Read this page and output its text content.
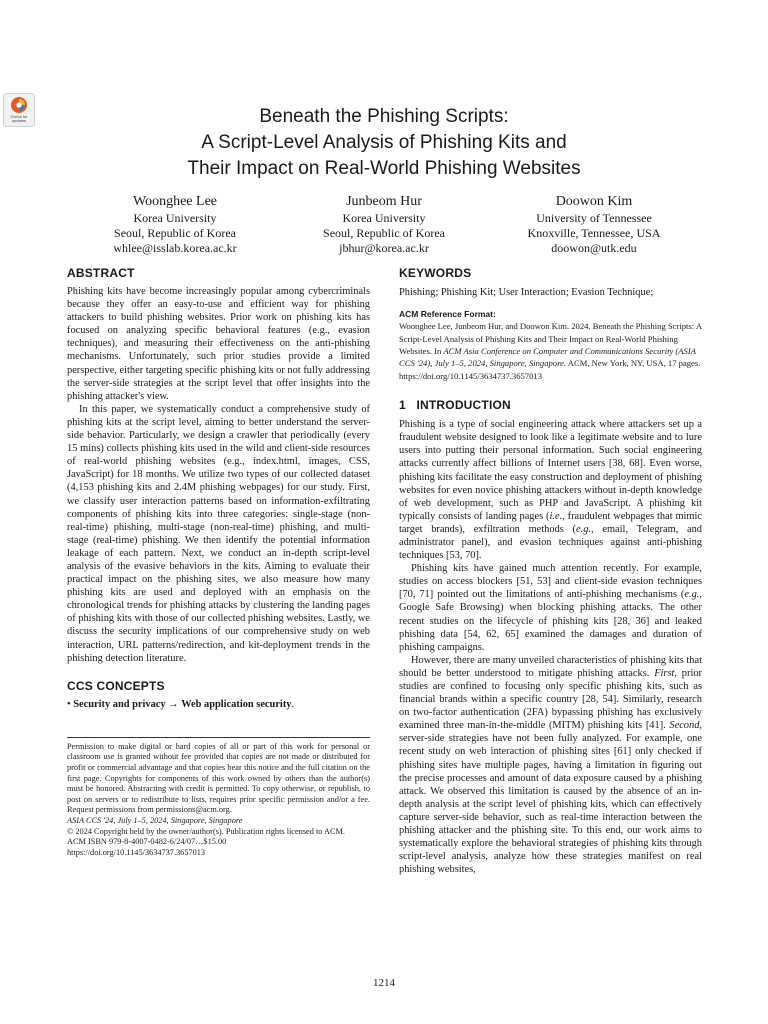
Check for updates	Beneath the Phishing Scripts:
A Script-Level Analysis of Phishing Kits and
Their Impact on Real-World Phishing Websites
Woonghee Lee
Korea University
Seoul, Republic of Korea
whlee@isslab.korea.ac.kr
Junbeom Hur
Korea University
Seoul, Republic of Korea
jbhur@korea.ac.kr
Doowon Kim
University of Tennessee
Knoxville, Tennessee, USA
doowon@utk.edu
ABSTRACT

Phishing kits have become increasingly popular among cybercriminals because they offer an easy-to-use and efficient way for phishing attackers to build phishing websites. Prior work on phishing kits has focused on analyzing specific behavioral features (e.g., evasion techniques), and measuring their effectiveness on the anti-phishing mechanisms. Unfortunately, such prior studies provide a limited perspective, either targeting specific phishing kits or not fully addressing the server-side strategies at the script level that offer insights into the phishing attacker's view.

In this paper, we systematically conduct a comprehensive study of phishing kits at the script level, aiming to better understand the server-side behavior. Particularly, we design a crawler that periodically (every 15 mins) collects phishing kits used in the wild and client-side resources of real-world phishing websites (e.g., index.html, images, CSS, JavaScript) for 18 months. We utilize two types of our collected dataset (4,153 phishing kits and 2.4M phishing webpages) for our study. First, we classify user interaction patterns based on information-exfiltrating components of phishing kits into three categories: single-stage (non-real-time) phishing, multi-stage (non-real-time) phishing, and multi-stage (real-time) phishing. We then identify the potential information leakage of each pattern. Next, we conduct an in-depth script-level analysis of the evasive behaviors in the kits. Aiming to evaluate their practical impact on the phishing sites, we also measure how many phishing kits are used and deployed with an emphasis on the chronological trends for phishing attacks by clustering the landing pages of phishing kits with those of our collected phishing websites. Lastly, we discuss the security implications of our comprehensive study on web interaction, URL patterns/redirection, and kit-deployment trends in the phishing detection literature.

CCS CONCEPTS

• Security and privacy → Web application security.

Permission to make digital or hard copies of all or part of this work for personal or classroom use is granted without fee provided that copies are not made or distributed for profit or commercial advantage and that copies bear this notice and the full citation on the first page. Copyrights for components of this work owned by others than the author(s) must be honored. Abstracting with credit is permitted. To copy otherwise, or republish, to post on servers or to redistribute to lists, requires prior specific permission and/or a fee. Request permissions from permissions@acm.org.

ASIA CCS '24, July 1–5, 2024, Singapore, Singapore

© 2024 Copyright held by the owner/author(s). Publication rights licensed to ACM.

ACM ISBN 979-8-4007-0482-6/24/07…$15.00

https://doi.org/10.1145/3634737.3657013

KEYWORDS

Phishing; Phishing Kit; User Interaction; Evasion Technique;

ACM Reference Format:

Woonghee Lee, Junbeom Hur, and Doowon Kim. 2024. Beneath the Phishing Scripts: A Script-Level Analysis of Phishing Kits and Their Impact on Real-World Phishing Websites. In ACM Asia Conference on Computer and Communications Security (ASIA CCS '24), July 1–5, 2024, Singapore, Singapore. ACM, New York, NY, USA, 17 pages. https://doi.org/10.1145/3634737.3657013

1 INTRODUCTION

Phishing is a type of social engineering attack where attackers set up a fraudulent website designed to look like a legitimate website and to lure users into putting their personal information. Such social engineering attacks currently affect billions of Internet users [38, 68]. Even worse, phishing kits facilitate the easy construction and deployment of phishing websites for even novice phishing attackers without in-depth knowledge of web development, such as PHP and JavaScript. A phishing kit typically consists of landing pages (i.e., fraudulent webpages that mimic target brands), exfiltration methods (e.g., email, Telegram, and administrator panel), and evasion techniques against anti-phishing techniques [53, 70].

Phishing kits have gained much attention recently. For example, studies on access blockers [51, 53] and client-side evasion techniques [70, 71] pointed out the limitations of anti-phishing mechanisms (e.g., Google Safe Browsing) when blocking phishing attacks. The other recent studies on the lifecycle of phishing kits [28, 36] and leaked phishing data [54, 62, 65] examined the damages and duration of phishing campaigns.

However, there are many unveiled characteristics of phishing kits that should be better understood to mitigate phishing attacks. First, prior studies are confined to focusing only specific phishing kits, such as financial brands within a specific country [28, 54]. Similarly, research on two-factor authentication (2FA) bypassing phishing has exclusively examined three man-in-the-middle (MITM) phishing kits [41]. Second, server-side strategies have not been fully analyzed. For example, one recent study on web interaction of phishing sites [61] only checked if phishing sites have multiple pages, having a limitation in figuring out the precise processes and amount of data exposure caused by a phishing attack. We observed this limitation is caused by the absence of an in-depth analysis at the script level of phishing kits, which can effectively capture server-side behavior, such as real-time interaction between the phishing attacker and the phishing site. To this end, our work aims to systematically explore the behavioral strategies of phishing kits through script-level analysis, analyze how these strategies manifest on real phishing websites,

1214
